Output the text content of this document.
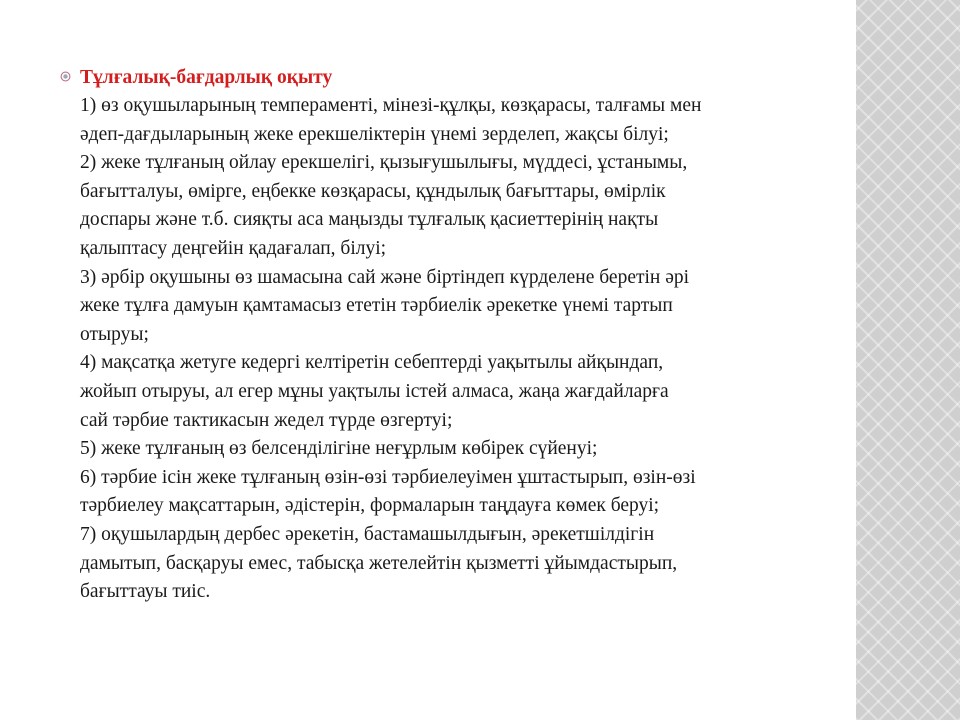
Тұлғалық-бағдарлық оқыту
1) өз оқушыларының темпераменті, мінезі-құлқы, көзқарасы, талғамы мен
әдеп-дағдыларының жеке ерекшеліктерін үнемі зерделеп, жақсы білуі;
2) жеке тұлғаның ойлау ерекшелігі, қызығушылығы, мүддесі, ұстанымы,
бағытталуы, өмірге, еңбекке көзқарасы, құндылық бағыттары, өмірлік
доспары және т.б. сияқты аса маңызды тұлғалық қасиеттерінің нақты
қалыптасу деңгейін қадағалап, білуі;
3) әрбір оқушыны өз шамасына сай және біртіндеп күрделене беретін әрі
жеке тұлға дамуын қамтамасыз ететін тәрбиелік әрекетке үнемі тартып
отыруы;
4) мақсатқа жетуге кедергі келтіретін себептерді уақытылы айқындап,
жойып отыруы, ал егер мұны уақтылы істей алмаса, жаңа жағдайларға
сай тәрбие тактикасын жедел түрде өзгертуі;
5) жеке тұлғаның өз белсенділігіне неғұрлым көбірек сүйенуі;
6) тәрбие ісін жеке тұлғаның өзін-өзі тәрбиелеуімен ұштастырып, өзін-өзі
тәрбиелеу мақсаттарын, әдістерін, формаларын таңдауға көмек беруі;
7) оқушылардың дербес әрекетін, бастамашылдығын, әрекетшілдігін
дамытып, басқаруы емес, табысқа жетелейтін қызметті ұйымдастырып,
бағыттауы тиіс.
